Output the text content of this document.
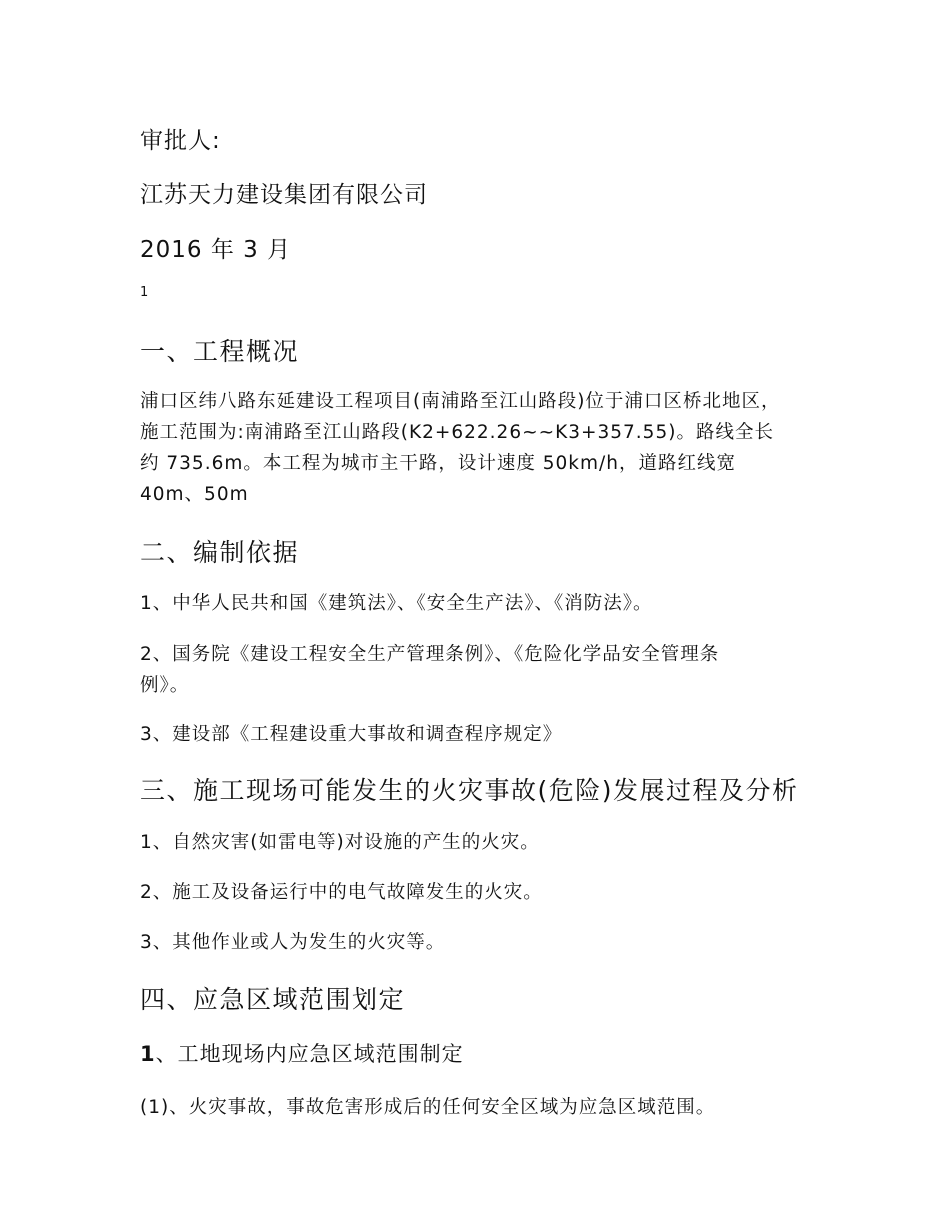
审批人:
江苏天力建设集团有限公司
2016 年 3 月
1
一、工程概况
浦口区纬八路东延建设工程项目(南浦路至江山路段)位于浦口区桥北地区，
施工范围为:南浦路至江山路段(K2+622.26~~K3+357.55)。路线全长
约 735.6m。本工程为城市主干路，设计速度 50km/h，道路红线宽
40m、50m
二、编制依据
1、中华人民共和国《建筑法》、《安全生产法》、《消防法》。
2、国务院《建设工程安全生产管理条例》、《危险化学品安全管理条
例》。
3、建设部《工程建设重大事故和调查程序规定》
三、施工现场可能发生的火灾事故(危险)发展过程及分析
1、自然灾害(如雷电等)对设施的产生的火灾。
2、施工及设备运行中的电气故障发生的火灾。
3、其他作业或人为发生的火灾等。
四、应急区域范围划定
1、工地现场内应急区域范围制定
(1)、火灾事故，事故危害形成后的任何安全区域为应急区域范围。
